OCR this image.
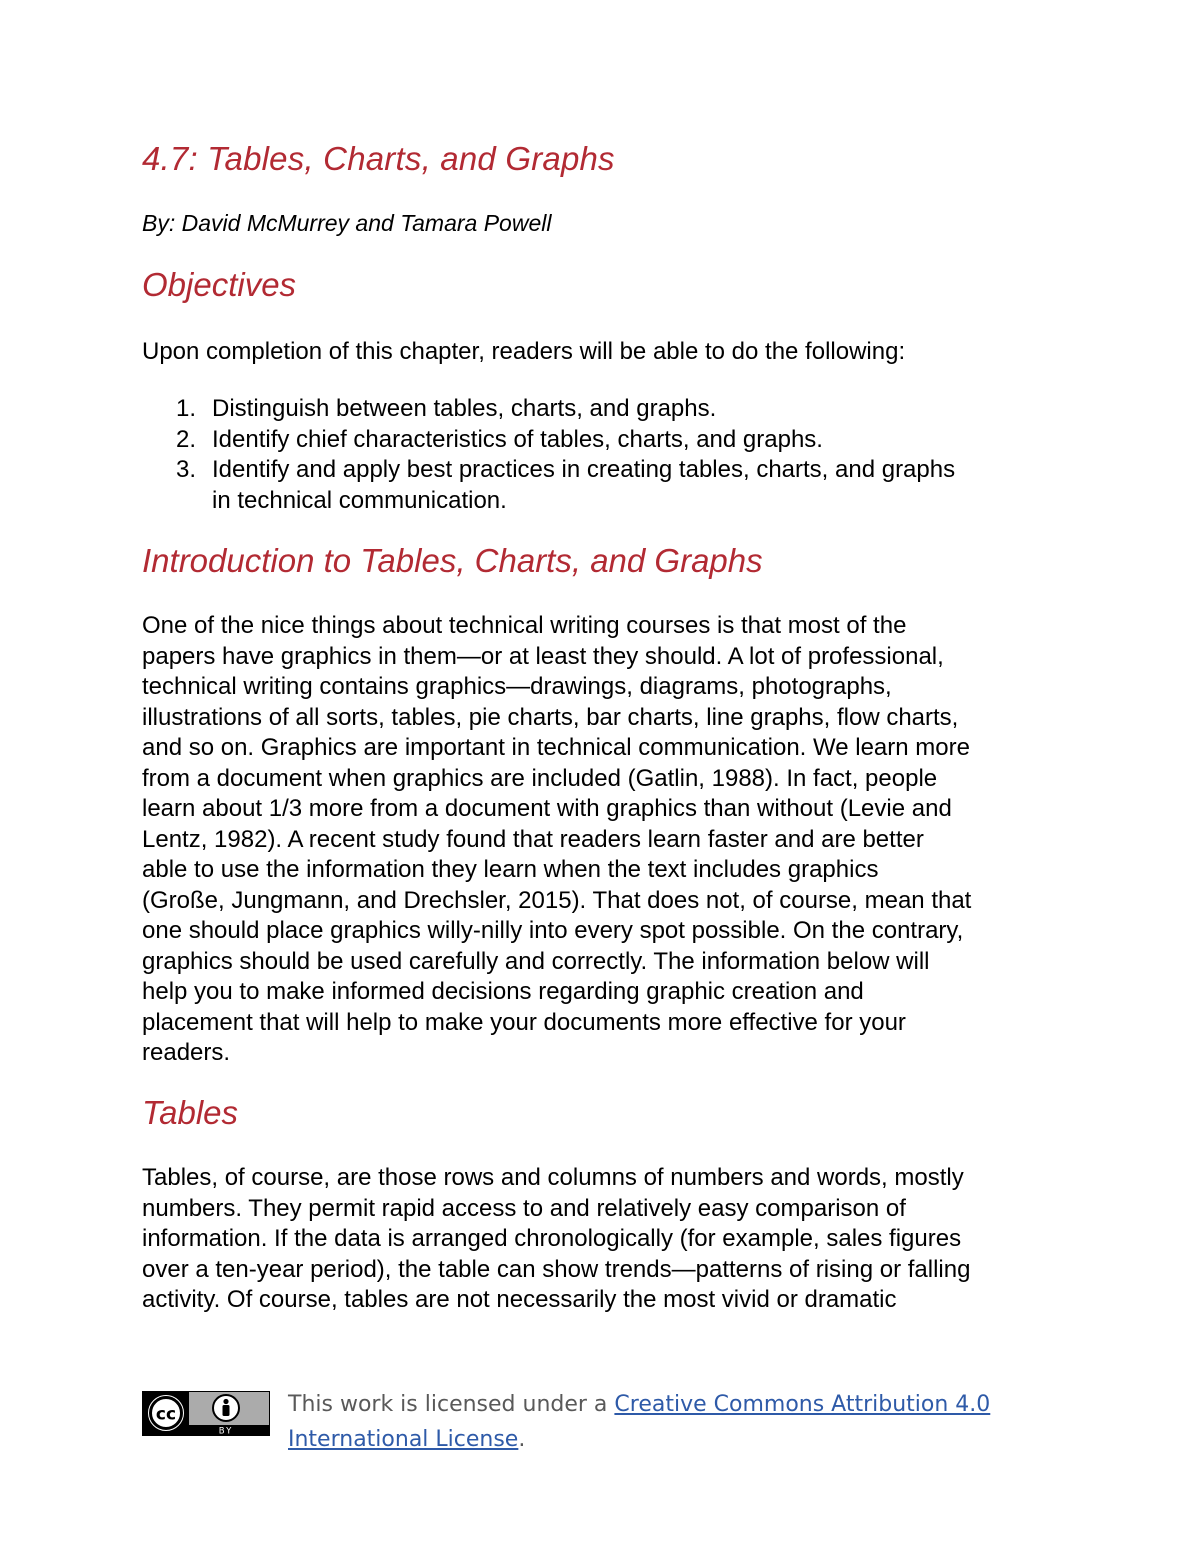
4.7: Tables, Charts, and Graphs

By: David McMurrey and Tamara Powell

Objectives

Upon completion of this chapter, readers will be able to do the following:

1. Distinguish between tables, charts, and graphs.
2. Identify chief characteristics of tables, charts, and graphs.
3. Identify and apply best practices in creating tables, charts, and graphs
in technical communication.
Introduction to Tables, Charts, and Graphs

One of the nice things about technical writing courses is that most of the
papers have graphics in them—or at least they should. A lot of professional,
technical writing contains graphics—drawings, diagrams, photographs,
illustrations of all sorts, tables, pie charts, bar charts, line graphs, flow charts,
and so on. Graphics are important in technical communication. We learn more
from a document when graphics are included (Gatlin, 1988). In fact, people
learn about 1/3 more from a document with graphics than without (Levie and
Lentz, 1982). A recent study found that readers learn faster and are better
able to use the information they learn when the text includes graphics
(Große, Jungmann, and Drechsler, 2015). That does not, of course, mean that
one should place graphics willy-nilly into every spot possible. On the contrary,
graphics should be used carefully and correctly. The information below will
help you to make informed decisions regarding graphic creation and
placement that will help to make your documents more effective for your
readers.

Tables

Tables, of course, are those rows and columns of numbers and words, mostly
numbers. They permit rapid access to and relatively easy comparison of
information. If the data is arranged chronologically (for example, sales figures
over a ten-year period), the table can show trends—patterns of rising or falling
activity. Of course, tables are not necessarily the most vivid or dramatic

cc
BY
This work is licensed under a Creative Commons Attribution 4.0
International License.
